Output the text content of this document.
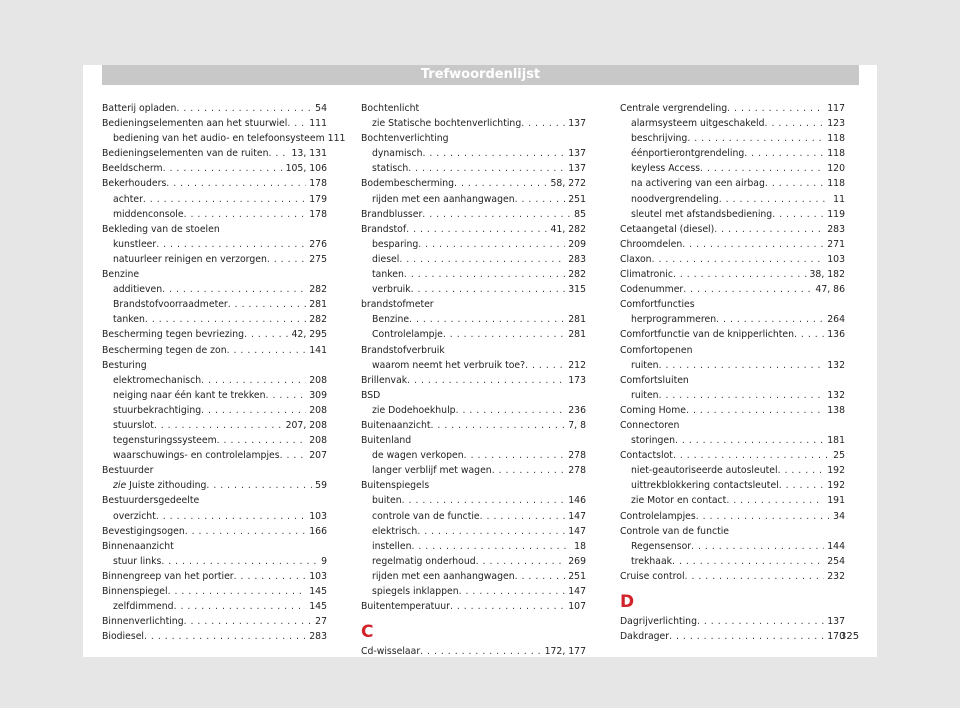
Trefwoordenlijst
Batterij opladen . . .	54
Bedieningselementen aan het stuurwiel . . .	111
bediening van het audio- en telefoonsysteem 111
Bedieningselementen van de ruiten . . .	13, 131
Beeldscherm . . .	105, 106
Bekerhouders . . .	178
achter . . .	179
middenconsole . . .	178
Bekleding van de stoelen
kunstleer . . .	276
natuurleer reinigen en verzorgen . . .	275
Benzine
additieven . . .	282
Brandstofvoorraadmeter . . .	281
tanken . . .	282
Bescherming tegen bevriezing . . .	42, 295
Bescherming tegen de zon . . .	141
Besturing
elektromechanisch . . .	208
neiging naar één kant te trekken . . .	309
stuurbekrachtiging . . .	208
stuurslot . . .	207, 208
tegensturingssysteem . . .	208
waarschuwings- en controlelampjes . . .	207
Bestuurder
zie Juiste zithouding . . .	59
Bestuurdersgedeelte
overzicht . . .	103
Bevestigingsogen . . .	166
Binnenaanzicht
stuur links . . .	9
Binnengreep van het portier . . .	103
Binnenspiegel . . .	145
zelfdimmend . . .	145
Binnenverlichting . . .	27
Biodiesel . . .	283
Bochtenlicht
zie Statische bochtenverlichting . . .	137
Bochtenverlichting
dynamisch . . .	137
statisch . . .	137
Bodembescherming . . .	58, 272
rijden met een aanhangwagen . . .	251
Brandblusser . . .	85
Brandstof . . .	41, 282
besparing . . .	209
diesel . . .	283
tanken . . .	282
verbruik . . .	315
brandstofmeter
Benzine . . .	281
Controlelampje . . .	281
Brandstofverbruik
waarom neemt het verbruik toe? . . .	212
Brillenvak . . .	173
BSD
zie Dodehoekhulp . . .	236
Buitenaanzicht . . .	7, 8
Buitenland
de wagen verkopen . . .	278
langer verblijf met wagen . . .	278
Buitenspiegels
buiten . . .	146
controle van de functie . . .	147
elektrisch . . .	147
instellen . . .	18
regelmatig onderhoud . . .	269
rijden met een aanhangwagen . . .	251
spiegels inklappen . . .	147
Buitentemperatuur . . .	107
C
Cd-wisselaar . . .	172, 177
Centrale vergrendeling . . .	117
alarmsysteem uitgeschakeld . . .	123
beschrijving . . .	118
éénportierontgrendeling . . .	118
keyless Access . . .	120
na activering van een airbag . . .	118
noodvergrendeling . . .	11
sleutel met afstandsbediening . . .	119
Cetaangetal (diesel) . . .	283
Chroomdelen . . .	271
Claxon . . .	103
Climatronic . . .	38, 182
Codenummer . . .	47, 86
Comfortfuncties
herprogrammeren . . .	264
Comfortfunctie van de knipperlichten . . .	136
Comfortopenen
ruiten . . .	132
Comfortsluiten
ruiten . . .	132
Coming Home . . .	138
Connectoren
storingen . . .	181
Contactslot . . .	25
niet-geautoriseerde autosleutel . . .	192
uittrekblokkering contactsleutel . . .	192
zie Motor en contact . . .	191
Controlelampjes . . .	34
Controle van de functie
Regensensor . . .	144
trekhaak . . .	254
Cruise control . . .	232
D
Dagrijverlichting . . .	137
Dakdrager . . .	170
325
